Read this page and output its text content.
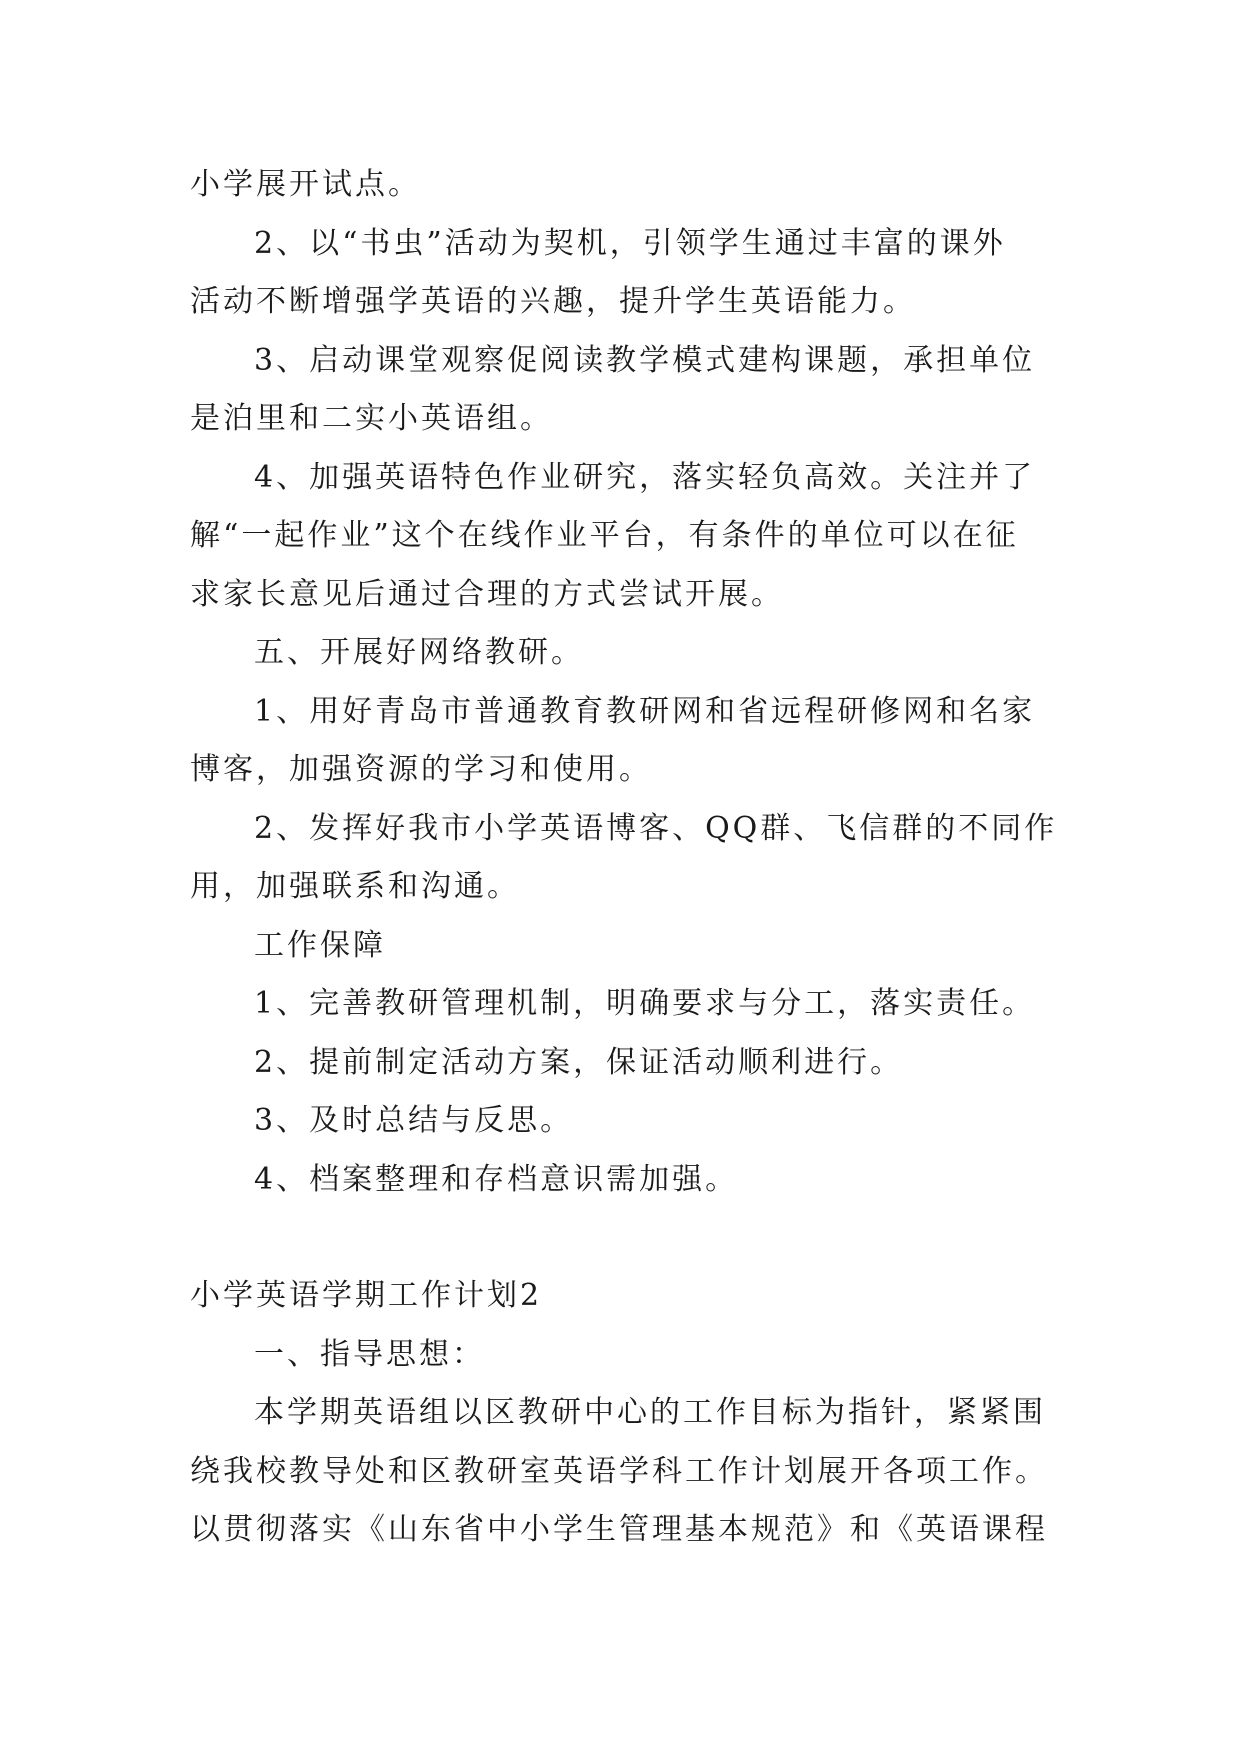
小学展开试点。
2、以“书虫”活动为契机，引领学生通过丰富的课外
活动不断增强学英语的兴趣，提升学生英语能力。
3、启动课堂观察促阅读教学模式建构课题，承担单位
是泊里和二实小英语组。
4、加强英语特色作业研究，落实轻负高效。关注并了
解“一起作业”这个在线作业平台，有条件的单位可以在征
求家长意见后通过合理的方式尝试开展。
五、开展好网络教研。
1、用好青岛市普通教育教研网和省远程研修网和名家
博客，加强资源的学习和使用。
2、发挥好我市小学英语博客、QQ群、飞信群的不同作
用，加强联系和沟通。
工作保障
1、完善教研管理机制，明确要求与分工，落实责任。
2、提前制定活动方案，保证活动顺利进行。
3、及时总结与反思。
4、档案整理和存档意识需加强。
小学英语学期工作计划2
一、指导思想：
本学期英语组以区教研中心的工作目标为指针，紧紧围
绕我校教导处和区教研室英语学科工作计划展开各项工作。
以贯彻落实《山东省中小学生管理基本规范》和《英语课程
